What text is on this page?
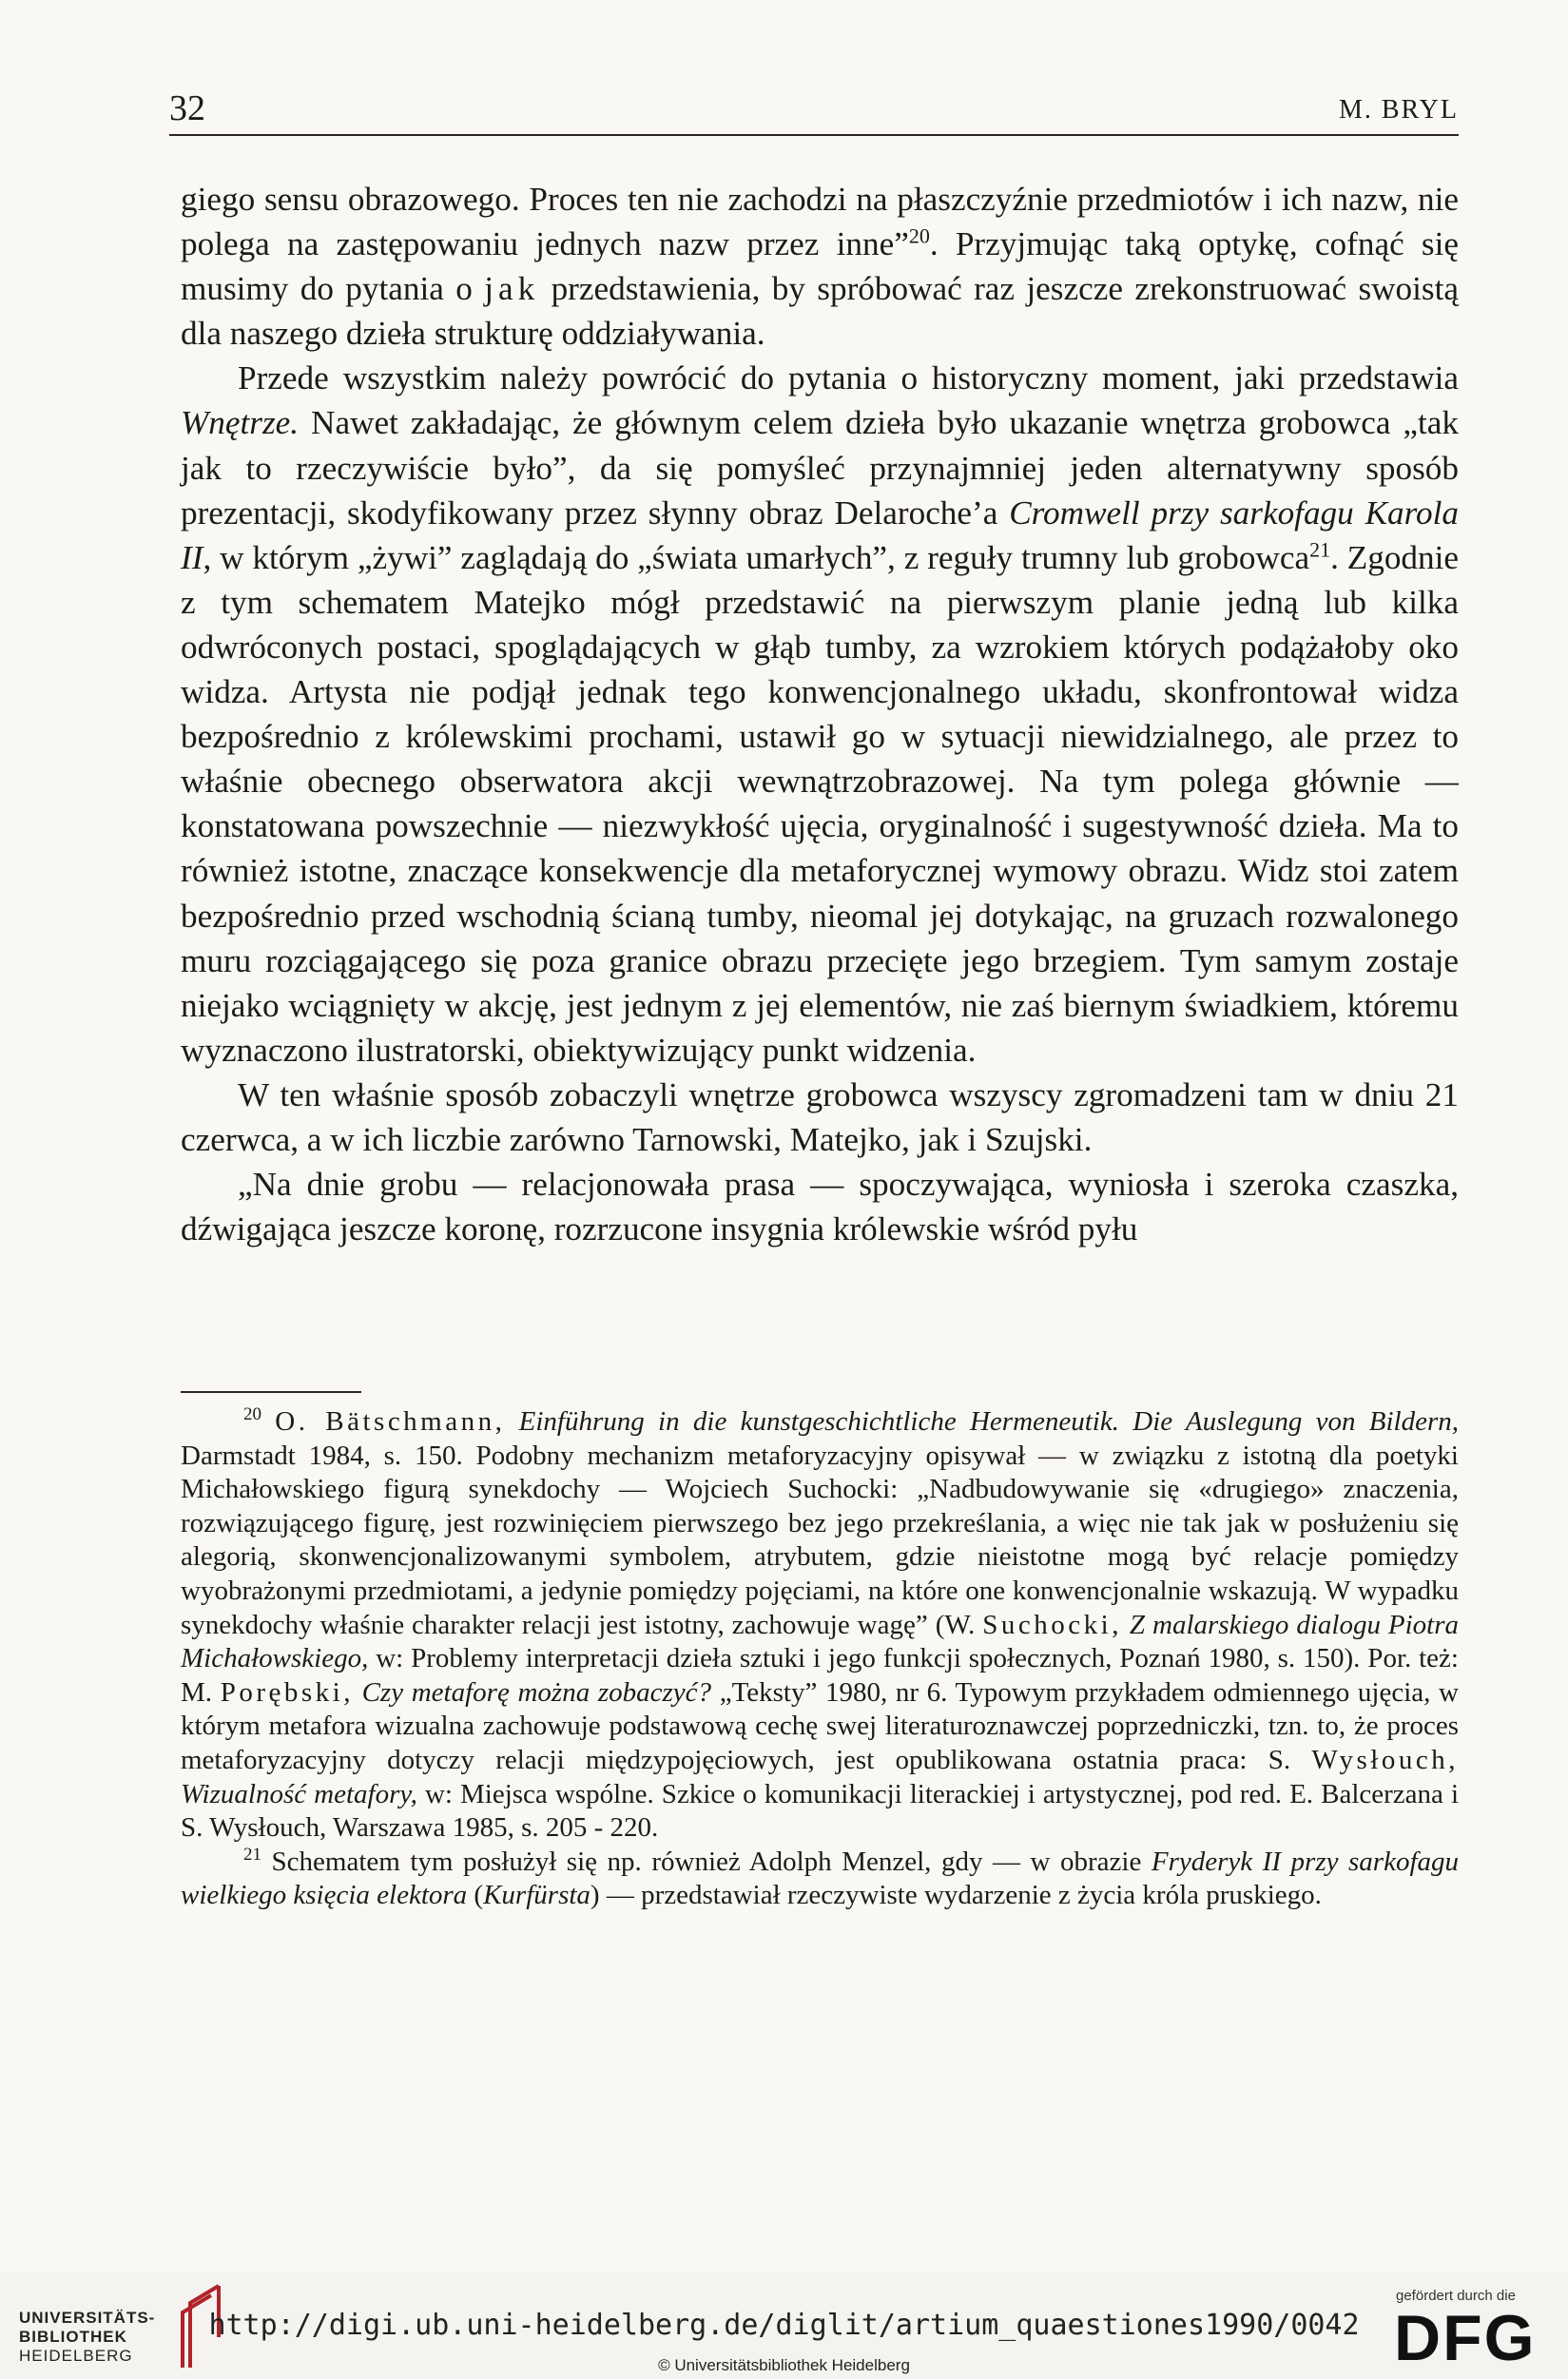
32	M. BRYL

giego sensu obrazowego. Proces ten nie zachodzi na płaszczyźnie przedmiotów i ich nazw, nie polega na zastępowaniu jednych nazw przez inne”$^{20}$. Przyjmując taką optykę, cofnąć się musimy do pytania o jak przedstawienia, by spróbować raz jeszcze zrekonstruować swoistą dla naszego dzieła strukturę oddziaływania.

Przede wszystkim należy powrócić do pytania o historyczny moment, jaki przedstawia Wnętrze. Nawet zakładając, że głównym celem dzieła było ukazanie wnętrza grobowca „tak jak to rzeczywiście było”, da się pomyśleć przynajmniej jeden alternatywny sposób prezentacji, skodyfikowany przez słynny obraz Delaroche’a Cromwell przy sarkofagu Karola II, w którym „żywi” zaglądają do „świata umarłych”, z reguły trumny lub grobowca$^{21}$. Zgodnie z tym schematem Matejko mógł przedstawić na pierwszym planie jedną lub kilka odwróconych postaci, spoglądających w głąb tumby, za wzrokiem których podążałoby oko widza. Artysta nie podjął jednak tego konwencjonalnego układu, skonfrontował widza bezpośrednio z królewskimi prochami, ustawił go w sytuacji niewidzialnego, ale przez to właśnie obecnego obserwatora akcji wewnątrzobrazowej. Na tym polega głównie — konstatowana powszechnie — niezwykłość ujęcia, oryginalność i sugestywność dzieła. Ma to również istotne, znaczące konsekwencje dla metaforycznej wymowy obrazu. Widz stoi zatem bezpośrednio przed wschodnią ścianą tumby, nieomal jej dotykając, na gruzach rozwalonego muru rozciągającego się poza granice obrazu przecięte jego brzegiem. Tym samym zostaje niejako wciągnięty w akcję, jest jednym z jej elementów, nie zaś biernym świadkiem, któremu wyznaczono ilustratorski, obiektywizujący punkt widzenia.

W ten właśnie sposób zobaczyli wnętrze grobowca wszyscy zgromadzeni tam w dniu 21 czerwca, a w ich liczbie zarówno Tarnowski, Matejko, jak i Szujski.

„Na dnie grobu — relacjonowała prasa — spoczywająca, wyniosła i szeroka czaszka, dźwigająca jeszcze koronę, rozrzucone insygnia królewskie wśród pyłu

$^{20}$ O. Bätschmann, Einführung in die kunstgeschichtliche Hermeneutik. Die Auslegung von Bildern, Darmstadt 1984, s. 150. Podobny mechanizm metaforyzacyjny opisywał — w związku z istotną dla poetyki Michałowskiego figurą synekdochy — Wojciech Suchocki: „Nadbudowywanie się «drugiego» znaczenia, rozwiązującego figurę, jest rozwinięciem pierwszego bez jego przekreślania, a więc nie tak jak w posłużeniu się alegorią, skonwencjonalizowanymi symbolem, atrybutem, gdzie nieistotne mogą być relacje pomiędzy wyobrażonymi przedmiotami, a jedynie pomiędzy pojęciami, na które one konwencjonalnie wskazują. W wypadku synekdochy właśnie charakter relacji jest istotny, zachowuje wagę” (W. Suchocki, Z malarskiego dialogu Piotra Michałowskiego, w: Problemy interpretacji dzieła sztuki i jego funkcji społecznych, Poznań 1980, s. 150). Por. też: M. Porębski, Czy metaforę można zobaczyć? „Teksty” 1980, nr 6. Typowym przykładem odmiennego ujęcia, w którym metafora wizualna zachowuje podstawową cechę swej literaturoznawczej poprzedniczki, tzn. to, że proces metaforyzacyjny dotyczy relacji międzypojęciowych, jest opublikowana ostatnia praca: S. Wysłouch, Wizualność metafory, w: Miejsca wspólne. Szkice o komunikacji literackiej i artystycznej, pod red. E. Balcerzana i S. Wysłouch, Warszawa 1985, s. 205 - 220.

$^{21}$ Schematem tym posłużył się np. również Adolph Menzel, gdy — w obrazie Fryderyk II przy sarkofagu wielkiego księcia elektora (Kurfürsta) — przedstawiał rzeczywiste wydarzenie z życia króla pruskiego.

UNIVERSITÄTS-
BIBLIOTHEK
HEIDELBERG
http://digi.ub.uni-heidelberg.de/diglit/artium_quaestiones1990/0042
© Universitätsbibliothek Heidelberg
gefördert durch die
DFG
